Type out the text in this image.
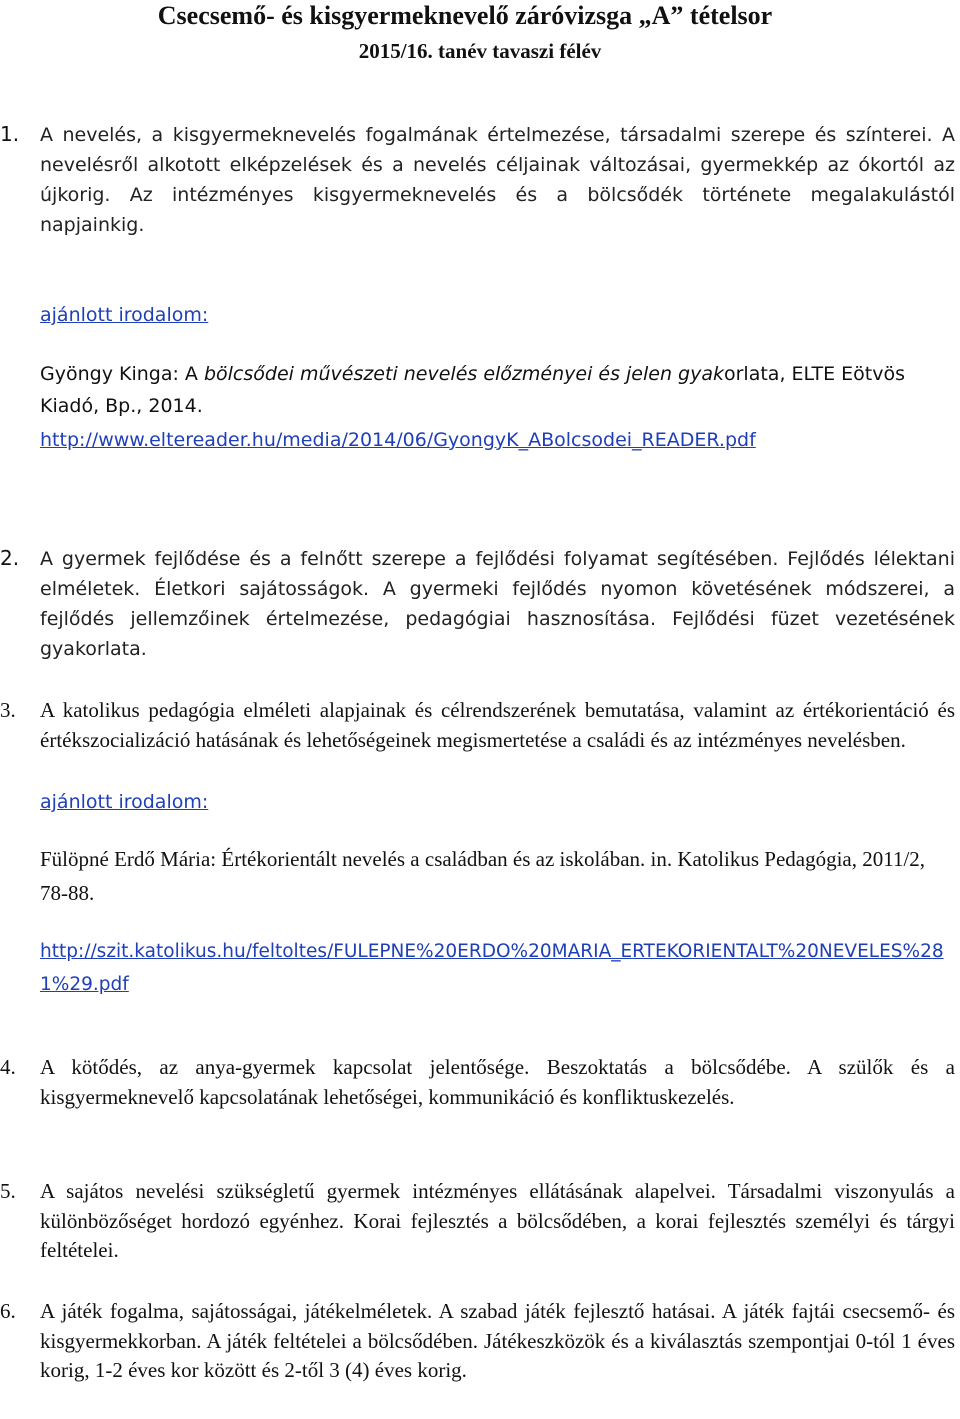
Csecsemő- és kisgyermeknevelő záróvizsga „A” tételsor
2015/16. tanév tavaszi félév
1.	A nevelés, a kisgyermeknevelés fogalmának értelmezése, társadalmi szerepe és színterei. A nevelésről alkotott elképzelések és a nevelés céljainak változásai, gyermekkép az ókortól az újkorig. Az intézményes kisgyermeknevelés és a bölcsődék története megalakulástól napjainkig.
ajánlott irodalom:
Gyöngy Kinga: A bölcsődei művészeti nevelés előzményei és jelen gyakorlata, ELTE Eötvös Kiadó, Bp., 2014.
http://www.eltereader.hu/media/2014/06/GyongyK_ABolcsodei_READER.pdf
2.	A gyermek fejlődése és a felnőtt szerepe a fejlődési folyamat segítésében. Fejlődés lélektani elméletek. Életkori sajátosságok. A gyermeki fejlődés nyomon követésének módszerei, a fejlődés jellemzőinek értelmezése, pedagógiai hasznosítása. Fejlődési füzet vezetésének gyakorlata.
3.	A katolikus pedagógia elméleti alapjainak és célrendszerének bemutatása, valamint az értékorientáció és értékszocializáció hatásának és lehetőségeinek megismertetése a családi és az intézményes nevelésben.
ajánlott irodalom:
Fülöpné Erdő Mária: Értékorientált nevelés a családban és az iskolában. in. Katolikus Pedagógia, 2011/2, 78-88.
http://szit.katolikus.hu/feltoltes/FULEPNE%20ERDO%20MARIA_ERTEKORIENTALT%20NEVELES%281%29.pdf
4.	A kötődés, az anya-gyermek kapcsolat jelentősége. Beszoktatás a bölcsődébe. A szülők és a kisgyermeknevelő kapcsolatának lehetőségei, kommunikáció és konfliktuskezelés.
5.	A sajátos nevelési szükségletű gyermek intézményes ellátásának alapelvei. Társadalmi viszonyulás a különbözőséget hordozó egyénhez. Korai fejlesztés a bölcsődében, a korai fejlesztés személyi és tárgyi feltételei.
6.	A játék fogalma, sajátosságai, játékelméletek. A szabad játék fejlesztő hatásai. A játék fajtái csecsemő- és kisgyermekkorban. A játék feltételei a bölcsődében. Játékeszközök és a kiválasztás szempontjai 0-tól 1 éves korig, 1-2 éves kor között és 2-től 3 (4) éves korig.
